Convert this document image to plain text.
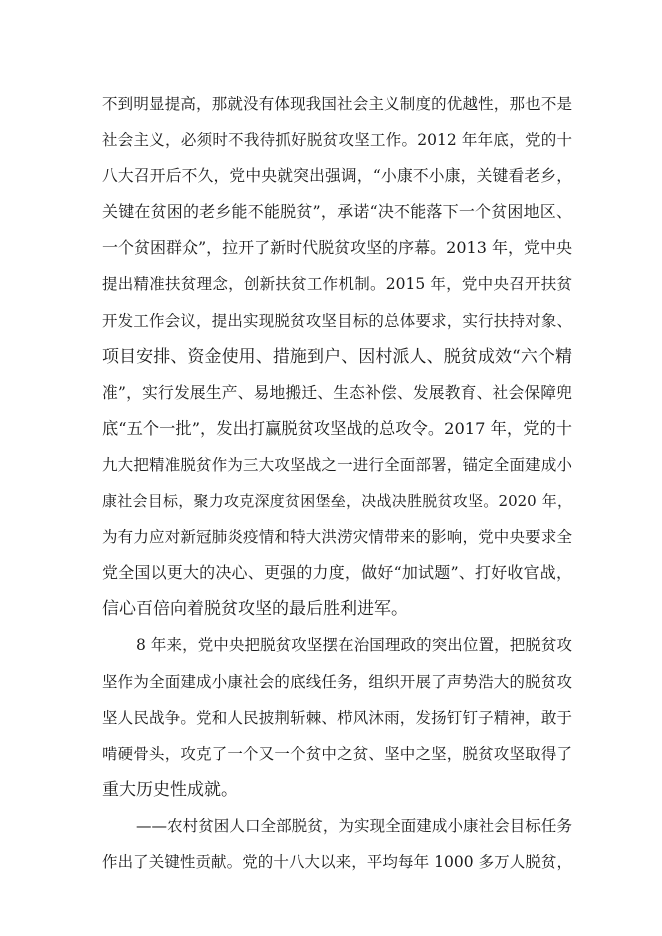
不到明显提高，那就没有体现我国社会主义制度的优越性，那也不是
社会主义，必须时不我待抓好脱贫攻坚工作。2012 年年底，党的十
八大召开后不久，党中央就突出强调，“小康不小康，关键看老乡，
关键在贫困的老乡能不能脱贫”，承诺“决不能落下一个贫困地区、
一个贫困群众”，拉开了新时代脱贫攻坚的序幕。2013 年，党中央
提出精准扶贫理念，创新扶贫工作机制。2015 年，党中央召开扶贫
开发工作会议，提出实现脱贫攻坚目标的总体要求，实行扶持对象、
项目安排、资金使用、措施到户、因村派人、脱贫成效“六个精
准”，实行发展生产、易地搬迁、生态补偿、发展教育、社会保障兜
底“五个一批”，发出打赢脱贫攻坚战的总攻令。2017 年，党的十
九大把精准脱贫作为三大攻坚战之一进行全面部署，锚定全面建成小
康社会目标，聚力攻克深度贫困堡垒，决战决胜脱贫攻坚。2020 年，
为有力应对新冠肺炎疫情和特大洪涝灾情带来的影响，党中央要求全
党全国以更大的决心、更强的力度，做好“加试题”、打好收官战，
信心百倍向着脱贫攻坚的最后胜利进军。
8 年来，党中央把脱贫攻坚摆在治国理政的突出位置，把脱贫攻
坚作为全面建成小康社会的底线任务，组织开展了声势浩大的脱贫攻
坚人民战争。党和人民披荆斩棘、栉风沐雨，发扬钉钉子精神，敢于
啃硬骨头，攻克了一个又一个贫中之贫、坚中之坚，脱贫攻坚取得了
重大历史性成就。
——农村贫困人口全部脱贫，为实现全面建成小康社会目标任务
作出了关键性贡献。党的十八大以来，平均每年 1000 多万人脱贫，
